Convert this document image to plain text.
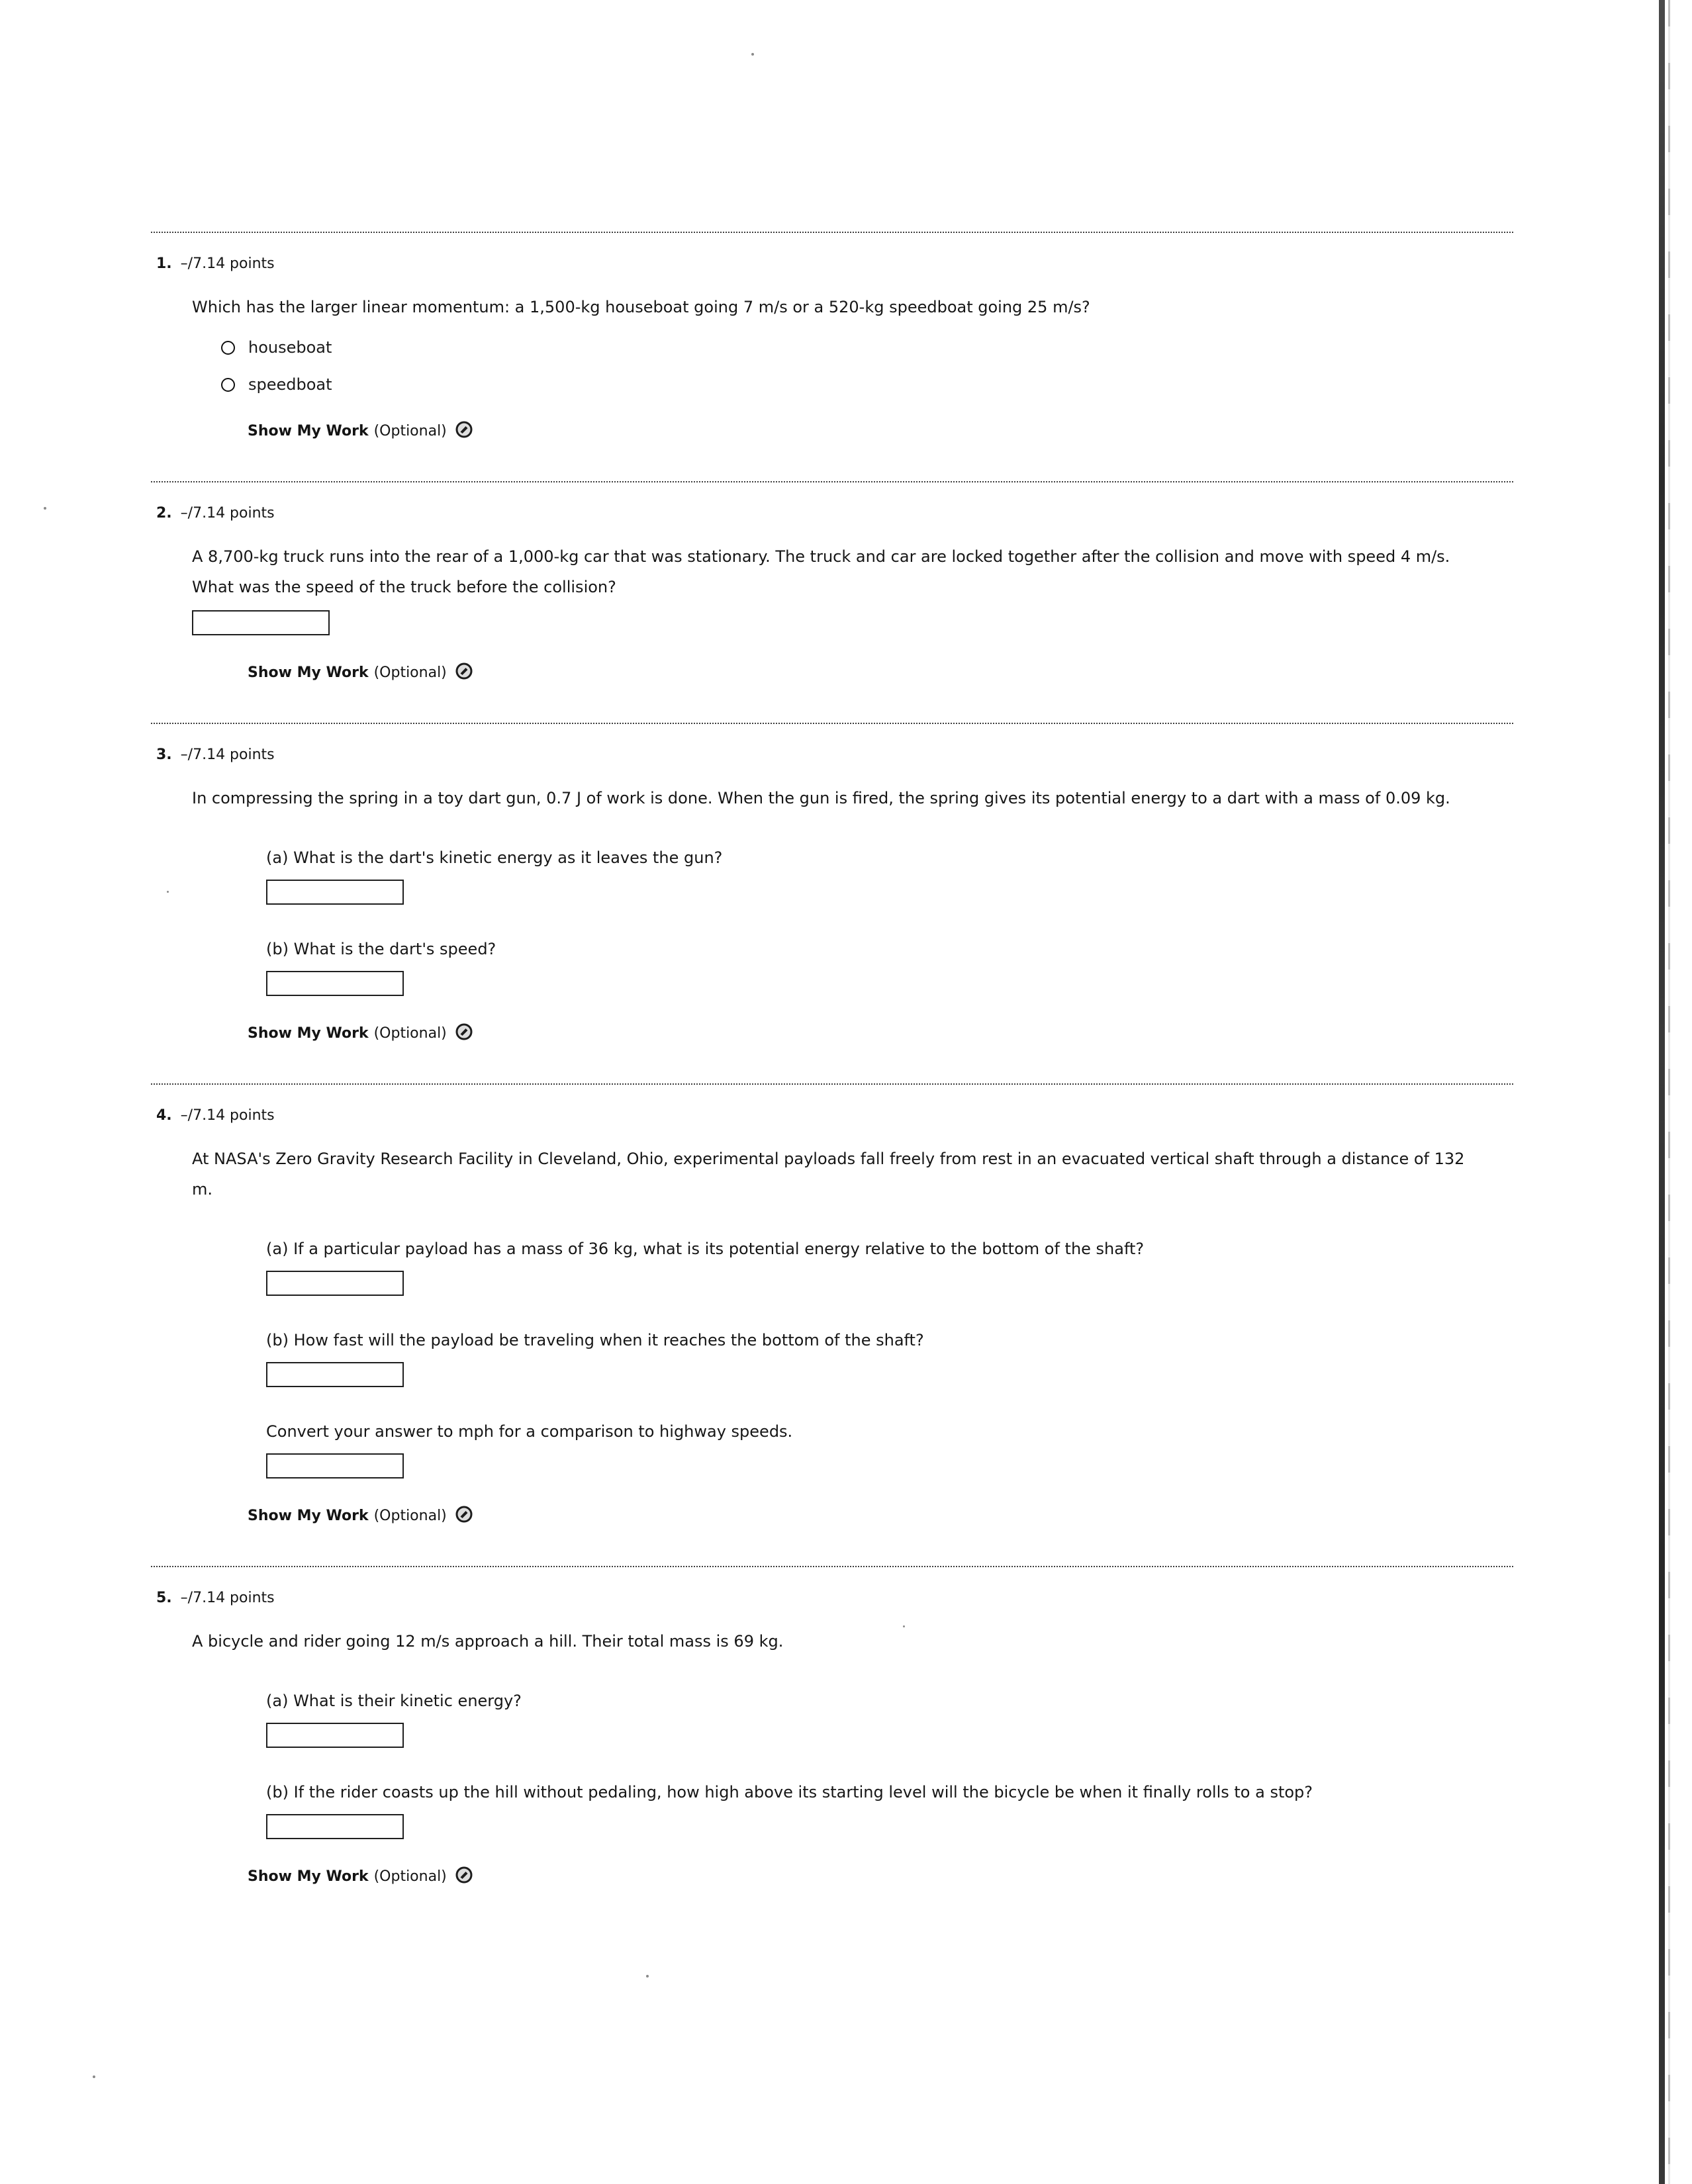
1. –/7.14 points

Which has the larger linear momentum: a 1,500-kg houseboat going 7 m/s or a 520-kg speedboat going 25 m/s?

houseboat
speedboat
Show My Work (Optional)
2. –/7.14 points

A 8,700-kg truck runs into the rear of a 1,000-kg car that was stationary. The truck and car are locked together after the collision and move with speed 4 m/s. What was the speed of the truck before the collision?

Show My Work (Optional)
3. –/7.14 points

In compressing the spring in a toy dart gun, 0.7 J of work is done. When the gun is fired, the spring gives its potential energy to a dart with a mass of 0.09 kg.

(a) What is the dart's kinetic energy as it leaves the gun?

(b) What is the dart's speed?

Show My Work (Optional)
4. –/7.14 points

At NASA's Zero Gravity Research Facility in Cleveland, Ohio, experimental payloads fall freely from rest in an evacuated vertical shaft through a distance of 132 m.

(a) If a particular payload has a mass of 36 kg, what is its potential energy relative to the bottom of the shaft?

(b) How fast will the payload be traveling when it reaches the bottom of the shaft?

Convert your answer to mph for a comparison to highway speeds.

Show My Work (Optional)
5. –/7.14 points

A bicycle and rider going 12 m/s approach a hill. Their total mass is 69 kg.

(a) What is their kinetic energy?

(b) If the rider coasts up the hill without pedaling, how high above its starting level will the bicycle be when it finally rolls to a stop?

Show My Work (Optional)
